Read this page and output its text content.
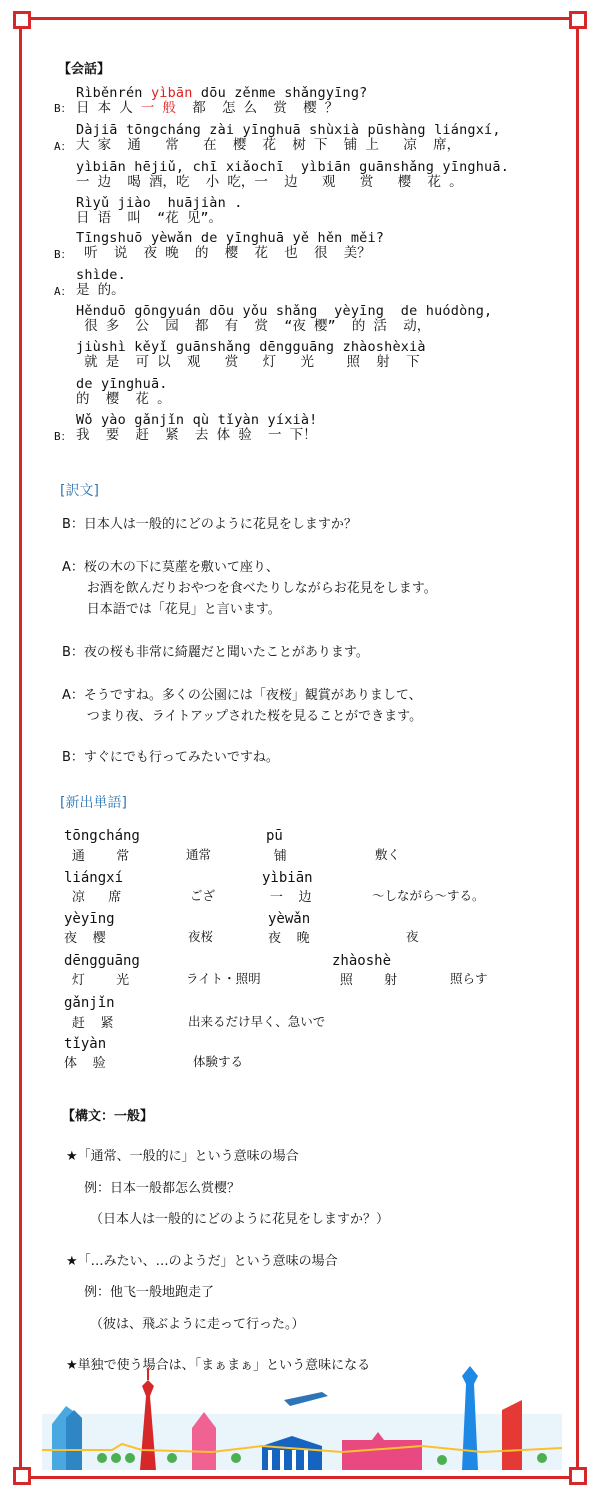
【会話】
B：
Rìběnrén yìbān dōu zěnme shǎngyīng?
日 本 人 一 般  都  怎 么  赏  樱 ？
A：
Dàjiā tōngcháng zài yīnghuā shùxià pūshàng liángxí,
大 家  通   常   在  樱  花  树 下  铺 上   凉  席，
yìbiān hējiǔ, chī xiǎochī  yìbiān guānshǎng yīnghuā.
一 边  喝 酒，吃  小 吃，一  边   观   赏   樱  花 。
Rìyǔ jiào  huājiàn .
日 语  叫  “花 见”。
B：
Tīngshuō yèwǎn de yīnghuā yě hěn měi?
听  说  夜 晚  的  樱  花  也  很  美？
A：
shìde.
是 的。
Hěnduō gōngyuán dōu yǒu shǎng  yèyīng  de huódòng,
很 多  公  园  都  有  赏  “夜 樱”  的 活  动，
jiùshì kěyǐ guānshǎng dēngguāng zhàoshèxià
就 是  可 以  观   赏   灯   光    照  射  下
de yīnghuā.
的  樱  花 。
B：
Wǒ yào gǎnjǐn qù tǐyàn yíxià!
我  要  赶  紧  去 体 验  一 下！
[訳文]
B：日本人は一般的にどのように花見をしますか？
A：桜の木の下に茣蓙を敷いて座り、
お酒を飲んだりおやつを食べたりしながらお花見をします。
日本語では「花見」と言います。
B：夜の桜も非常に綺麗だと聞いたことがあります。
A：そうですね。多くの公園には「夜桜」観賞がありまして、
つまり夜、ライトアップされた桜を見ることができます。
B：すぐにでも行ってみたいですね。
[新出単語]
tōngcháng
通    常	通常
pū
铺	敷く
liángxí
凉   席	ござ
yìbiān
一  边	～しながら～する。
yèyīng
夜  樱	夜桜
yèwǎn
夜  晚	夜
dēngguāng
灯    光	ライト・照明
zhàoshè
照    射	照らす
gǎnjǐn
赶  紧	出来るだけ早く、急いで
tǐyàn
体  验	体験する
【構文：一般】
★「通常、一般的に」という意味の場合
例：日本一般都怎么赏樱？
（日本人は一般的にどのように花見をしますか？）
★「…みたい、…のようだ」という意味の場合
例：他飞一般地跑走了
（彼は、飛ぶように走って行った。）
★単独で使う場合は、「まぁまぁ」という意味になる
